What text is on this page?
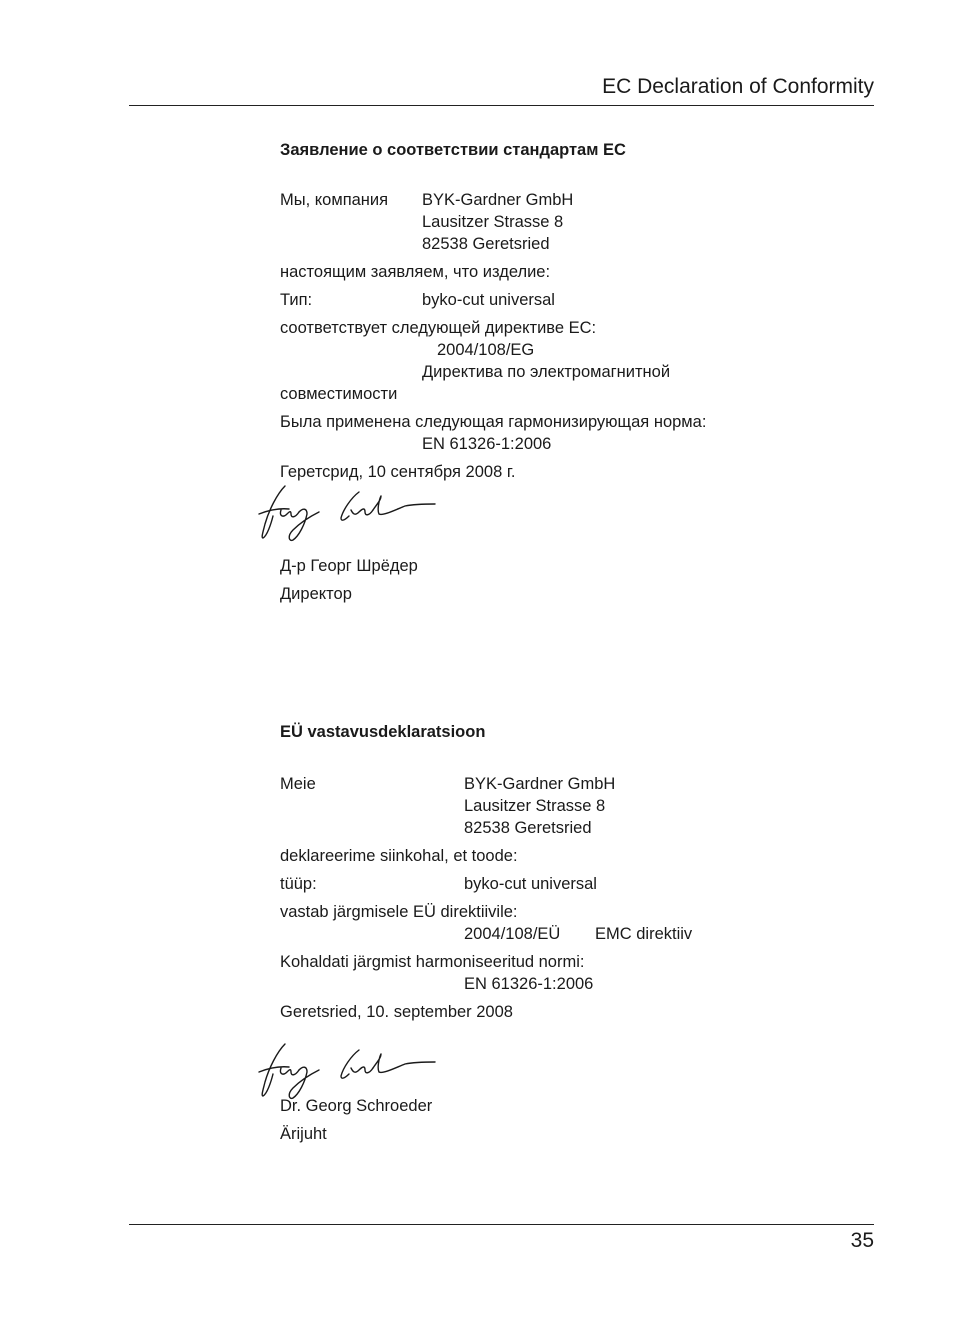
EC Declaration of Conformity
Заявление о соответствии стандартам EC
Мы, компания BYK-Gardner GmbH
Lausitzer Strasse 8
82538 Geretsried
настоящим заявляем, что изделие:
Тип:	byko-cut universal
соответствует следующей директиве ЕС:
2004/108/EG
Директива по электромагнитной
совместимости
Была применена следующая гармонизирующая норма:
EN 61326-1:2006
Геретсрид, 10 сентября 2008 г.
Д-р Георг Шрёдер
Директор
EÜ vastavusdeklaratsioon
Meie	BYK-Gardner GmbH
Lausitzer Strasse 8
82538 Geretsried
deklareerime siinkohal, et toode:
tüüp:	byko-cut universal
vastab järgmisele EÜ direktiivile:
2004/108/EÜ EMC direktiiv
Kohaldati järgmist harmoniseeritud normi:
EN 61326-1:2006
Geretsried, 10. september 2008
Dr. Georg Schroeder
Ärijuht
35
